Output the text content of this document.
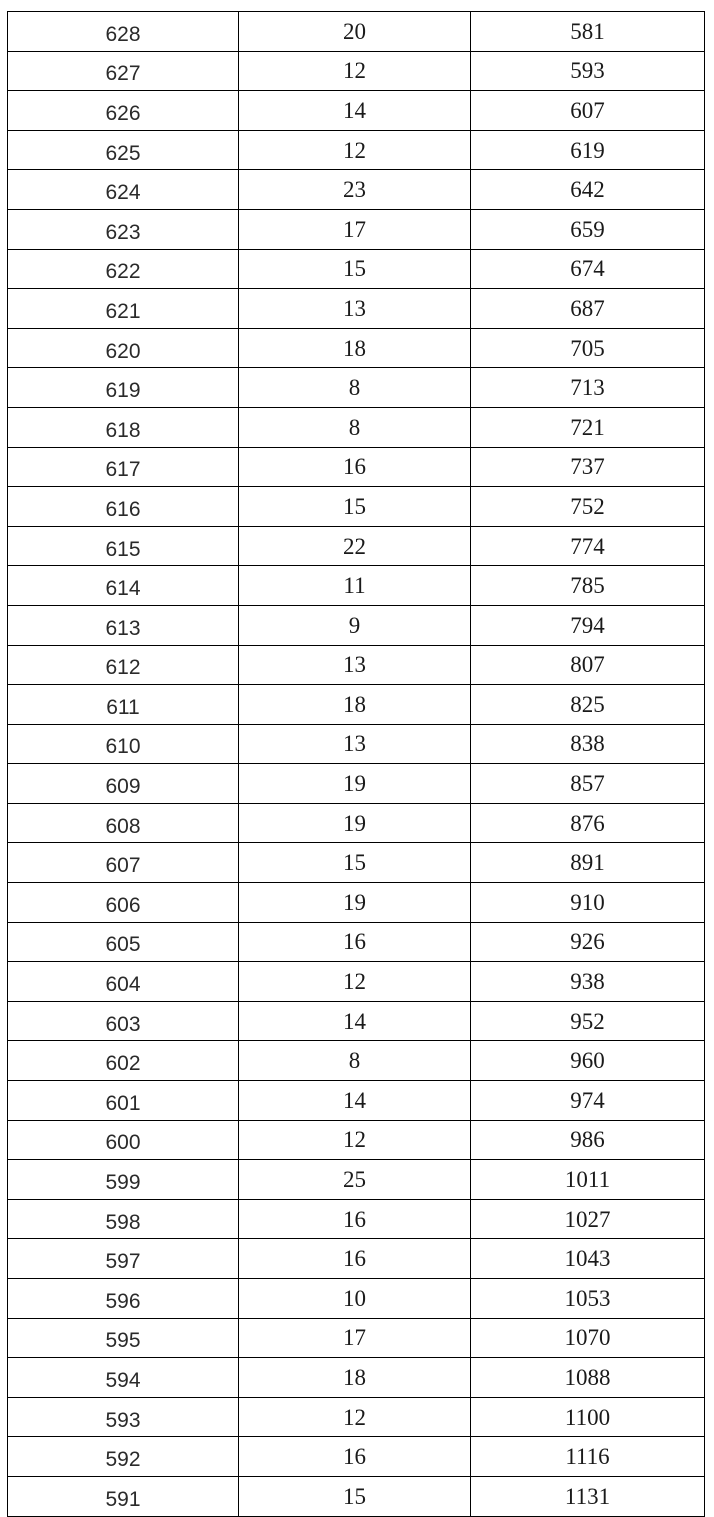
628	20	581
627	12	593
626	14	607
625	12	619
624	23	642
623	17	659
622	15	674
621	13	687
620	18	705
619	8	713
618	8	721
617	16	737
616	15	752
615	22	774
614	11	785
613	9	794
612	13	807
611	18	825
610	13	838
609	19	857
608	19	876
607	15	891
606	19	910
605	16	926
604	12	938
603	14	952
602	8	960
601	14	974
600	12	986
599	25	1011
598	16	1027
597	16	1043
596	10	1053
595	17	1070
594	18	1088
593	12	1100
592	16	1116
591	15	1131
